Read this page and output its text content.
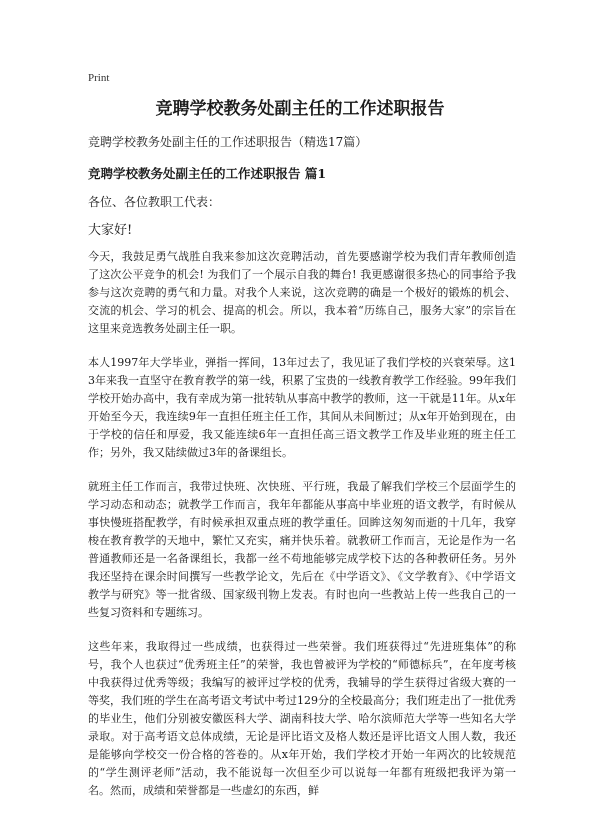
Print
竞聘学校教务处副主任的工作述职报告

竞聘学校教务处副主任的工作述职报告（精选17篇）

竞聘学校教务处副主任的工作述职报告 篇1

各位、各位教职工代表：

大家好!

今天，我鼓足勇气战胜自我来参加这次竞聘活动，首先要感谢学校为我们青年教师创造了这次公平竞争的机会! 为我们了一个展示自我的舞台! 我更感谢很多热心的同事给予我参与这次竞聘的勇气和力量。对我个人来说，这次竞聘的确是一个极好的锻炼的机会、交流的机会、学习的机会、提高的机会。所以，我本着“历练自己，服务大家”的宗旨在这里来竞选教务处副主任一职。

本人1997年大学毕业，弹指一挥间，13年过去了，我见证了我们学校的兴衰荣辱。这13年来我一直坚守在教育教学的第一线，积累了宝贵的一线教育教学工作经验。99年我们学校开始办高中，我有幸成为第一批转轨从事高中教学的教师，这一干就是11年。从x年开始至今天，我连续9年一直担任班主任工作，其间从未间断过；从x年开始到现在，由于学校的信任和厚爱，我又能连续6年一直担任高三语文教学工作及毕业班的班主任工作；另外，我又陆续做过3年的备课组长。

就班主任工作而言，我带过快班、次快班、平行班，我最了解我们学校三个层面学生的学习动态和动态；就教学工作而言，我年年都能从事高中毕业班的语文教学，有时候从事快慢班搭配教学，有时候承担双重点班的教学重任。回眸这匆匆而逝的十几年，我穿梭在教育教学的天地中，繁忙又充实，痛并快乐着。就教研工作而言，无论是作为一名普通教师还是一名备课组长，我都一丝不苟地能够完成学校下达的各种教研任务。另外我还坚持在课余时间撰写一些教学论文，先后在《中学语文》、《文学教育》、《中学语文教学与研究》等一批省级、国家级刊物上发表。有时也向一些教站上传一些我自己的一些复习资料和专题练习。

这些年来，我取得过一些成绩，也获得过一些荣誉。我们班获得过“先进班集体”的称号，我个人也获过“优秀班主任”的荣誉，我也曾被评为学校的“师德标兵”，在年度考核中我获得过优秀等级；我编写的被评过学校的优秀，我辅导的学生获得过省级大赛的一等奖，我们班的学生在高考语文考试中考过129分的全校最高分；我们班走出了一批优秀的毕业生，他们分别被安徽医科大学、湖南科技大学、哈尔滨师范大学等一些知名大学录取。对于高考语文总体成绩，无论是评比语文及格人数还是评比语文人围人数，我还是能够向学校交一份合格的答卷的。从x年开始，我们学校才开始一年两次的比较规范的“学生测评老师”活动，我不能说每一次但至少可以说每一年都有班级把我评为第一名。然而，成绩和荣誉都是一些虚幻的东西，鲜
